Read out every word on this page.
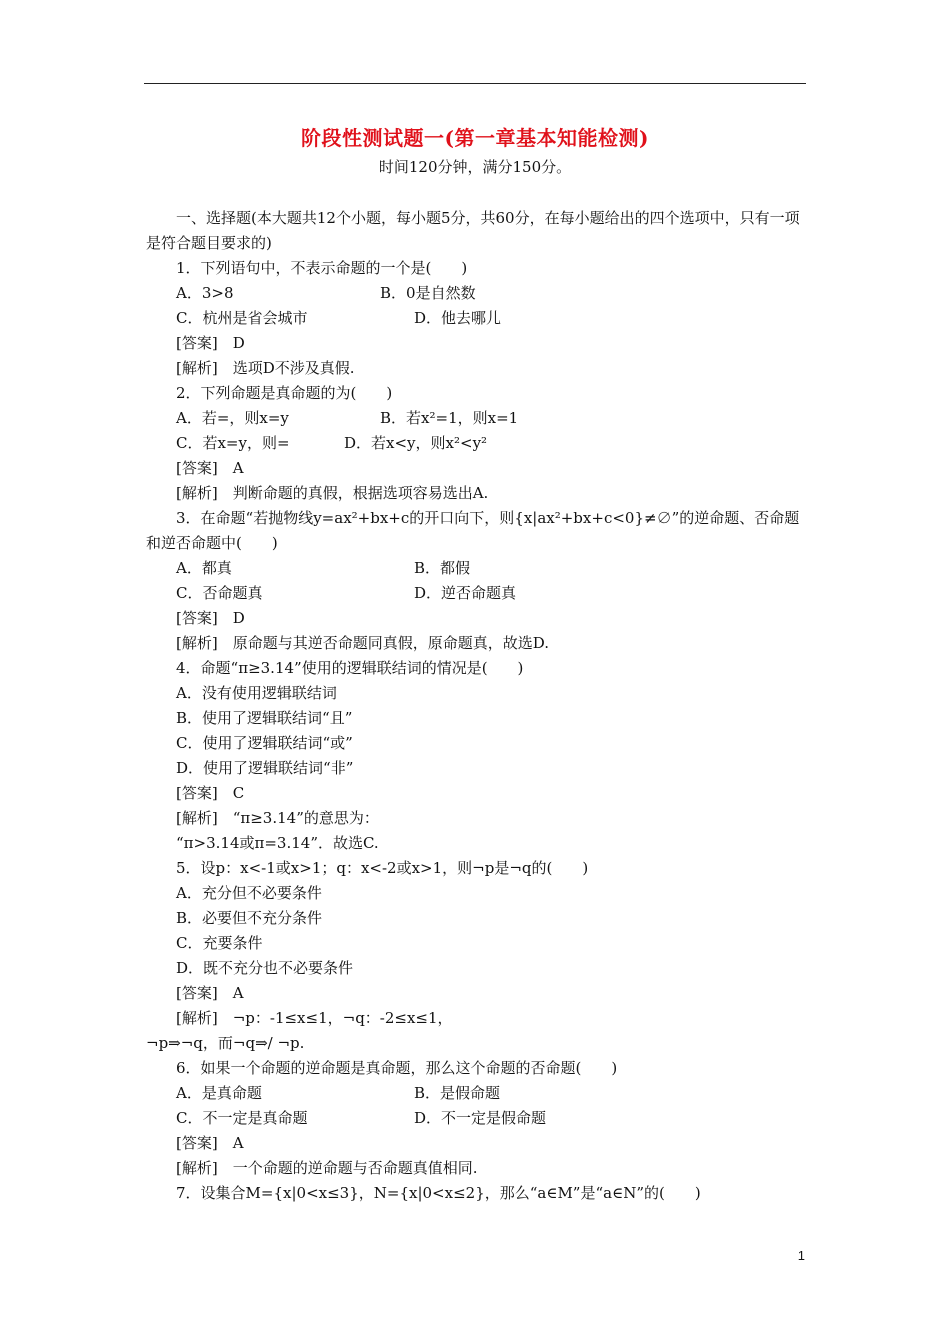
阶段性测试题一(第一章基本知能检测)
时间120分钟，满分150分。
一、选择题(本大题共12个小题，每小题5分，共60分，在每小题给出的四个选项中，只有一项是符合题目要求的)
1．下列语句中，不表示命题的一个是(　　)
A．3>8	B．0是自然数
C．杭州是省会城市	D．他去哪儿
[答案]　D
[解析]　选项D不涉及真假.
2．下列命题是真命题的为(　　)
A．若=，则x=y	B．若x²=1，则x=1
C．若x=y，则=	D．若x<y，则x²<y²
[答案]　A
[解析]　判断命题的真假，根据选项容易选出A.
3．在命题“若抛物线y=ax²+bx+c的开口向下，则{x|ax²+bx+c<0}≠∅”的逆命题、否命题和逆否命题中(　　)
A．都真	B．都假
C．否命题真	D．逆否命题真
[答案]　D
[解析]　原命题与其逆否命题同真假，原命题真，故选D.
4．命题“π≥3.14”使用的逻辑联结词的情况是(　　)
A．没有使用逻辑联结词
B．使用了逻辑联结词“且”
C．使用了逻辑联结词“或”
D．使用了逻辑联结词“非”
[答案]　C
[解析]　“π≥3.14”的意思为：
“π>3.14或π=3.14”．故选C.
5．设p：x<-1或x>1；q：x<-2或x>1，则¬p是¬q的(　　)
A．充分但不必要条件
B．必要但不充分条件
C．充要条件
D．既不充分也不必要条件
[答案]　A
[解析]　¬p：-1≤x≤1，¬q：-2≤x≤1，
¬p⇒¬q，而¬q⇒/ ¬p.
6．如果一个命题的逆命题是真命题，那么这个命题的否命题(　　)
A．是真命题	B．是假命题
C．不一定是真命题	D．不一定是假命题
[答案]　A
[解析]　一个命题的逆命题与否命题真值相同.
7．设集合M={x|0<x≤3}，N={x|0<x≤2}，那么“a∈M”是“a∈N”的(　　)
1
